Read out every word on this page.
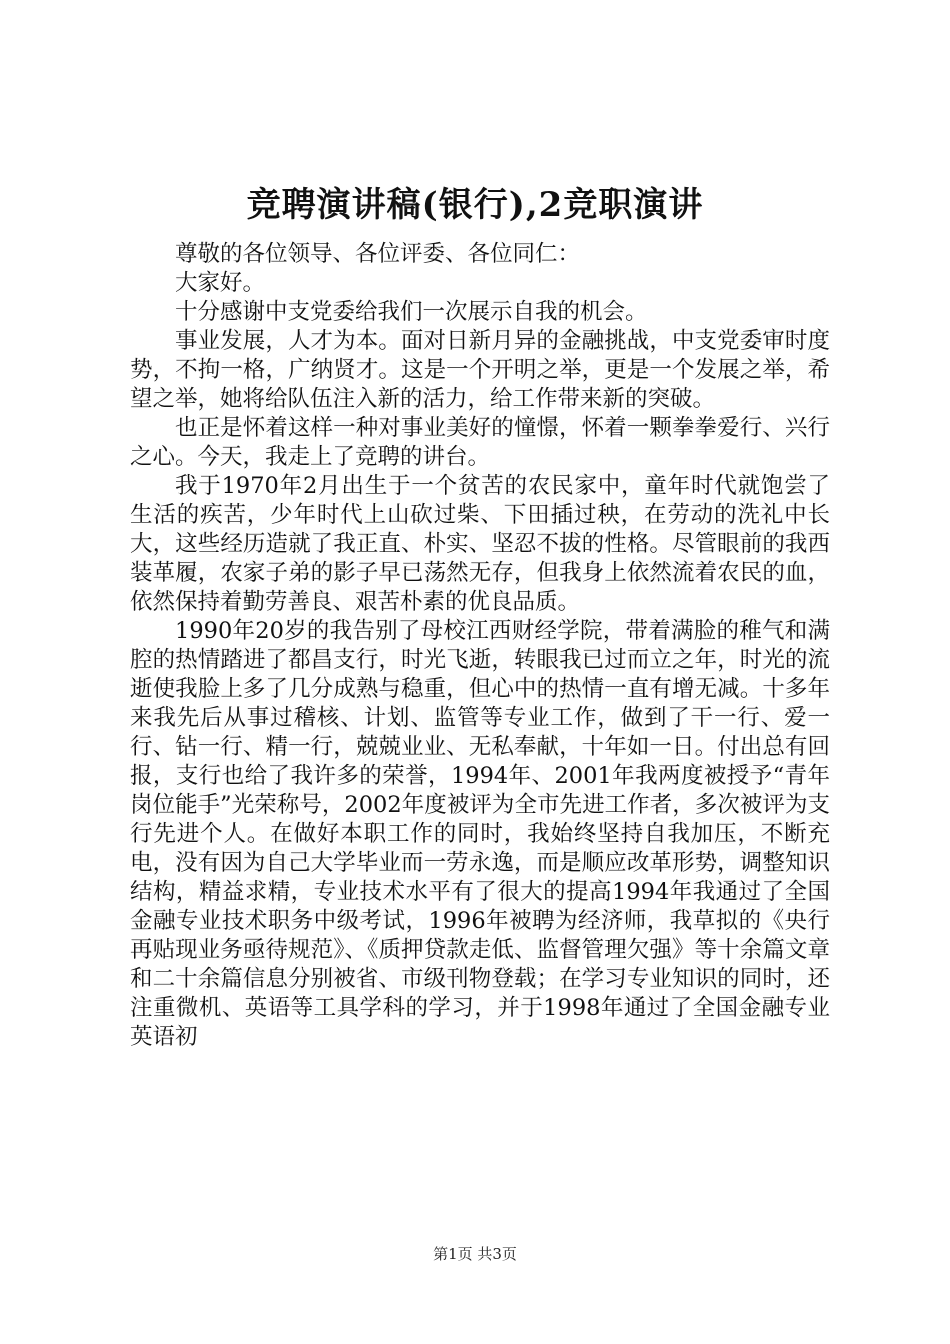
竞聘演讲稿(银行),2竞职演讲

尊敬的各位领导、各位评委、各位同仁：

大家好。

十分感谢中支党委给我们一次展示自我的机会。

事业发展，人才为本。面对日新月异的金融挑战，中支党委审时度势，不拘一格，广纳贤才。这是一个开明之举，更是一个发展之举，希望之举，她将给队伍注入新的活力，给工作带来新的突破。

也正是怀着这样一种对事业美好的憧憬，怀着一颗拳拳爱行、兴行之心。今天，我走上了竞聘的讲台。

我于1970年2月出生于一个贫苦的农民家中，童年时代就饱尝了生活的疾苦，少年时代上山砍过柴、下田插过秧，在劳动的洗礼中长大，这些经历造就了我正直、朴实、坚忍不拔的性格。尽管眼前的我西装革履，农家子弟的影子早已荡然无存，但我身上依然流着农民的血，依然保持着勤劳善良、艰苦朴素的优良品质。

1990年20岁的我告别了母校江西财经学院，带着满脸的稚气和满腔的热情踏进了都昌支行，时光飞逝，转眼我已过而立之年，时光的流逝使我脸上多了几分成熟与稳重，但心中的热情一直有增无减。十多年来我先后从事过稽核、计划、监管等专业工作，做到了干一行、爱一行、钻一行、精一行，兢兢业业、无私奉献，十年如一日。付出总有回报，支行也给了我许多的荣誉，1994年、2001年我两度被授予“青年岗位能手”光荣称号，2002年度被评为全市先进工作者，多次被评为支行先进个人。在做好本职工作的同时，我始终坚持自我加压，不断充电，没有因为自己大学毕业而一劳永逸，而是顺应改革形势，调整知识结构，精益求精，专业技术水平有了很大的提高1994年我通过了全国金融专业技术职务中级考试，1996年被聘为经济师，我草拟的《央行再贴现业务亟待规范》、《质押贷款走低、监督管理欠强》等十余篇文章和二十余篇信息分别被省、市级刊物登载；在学习专业知识的同时，还注重微机、英语等工具学科的学习，并于1998年通过了全国金融专业英语初

第1页 共3页
